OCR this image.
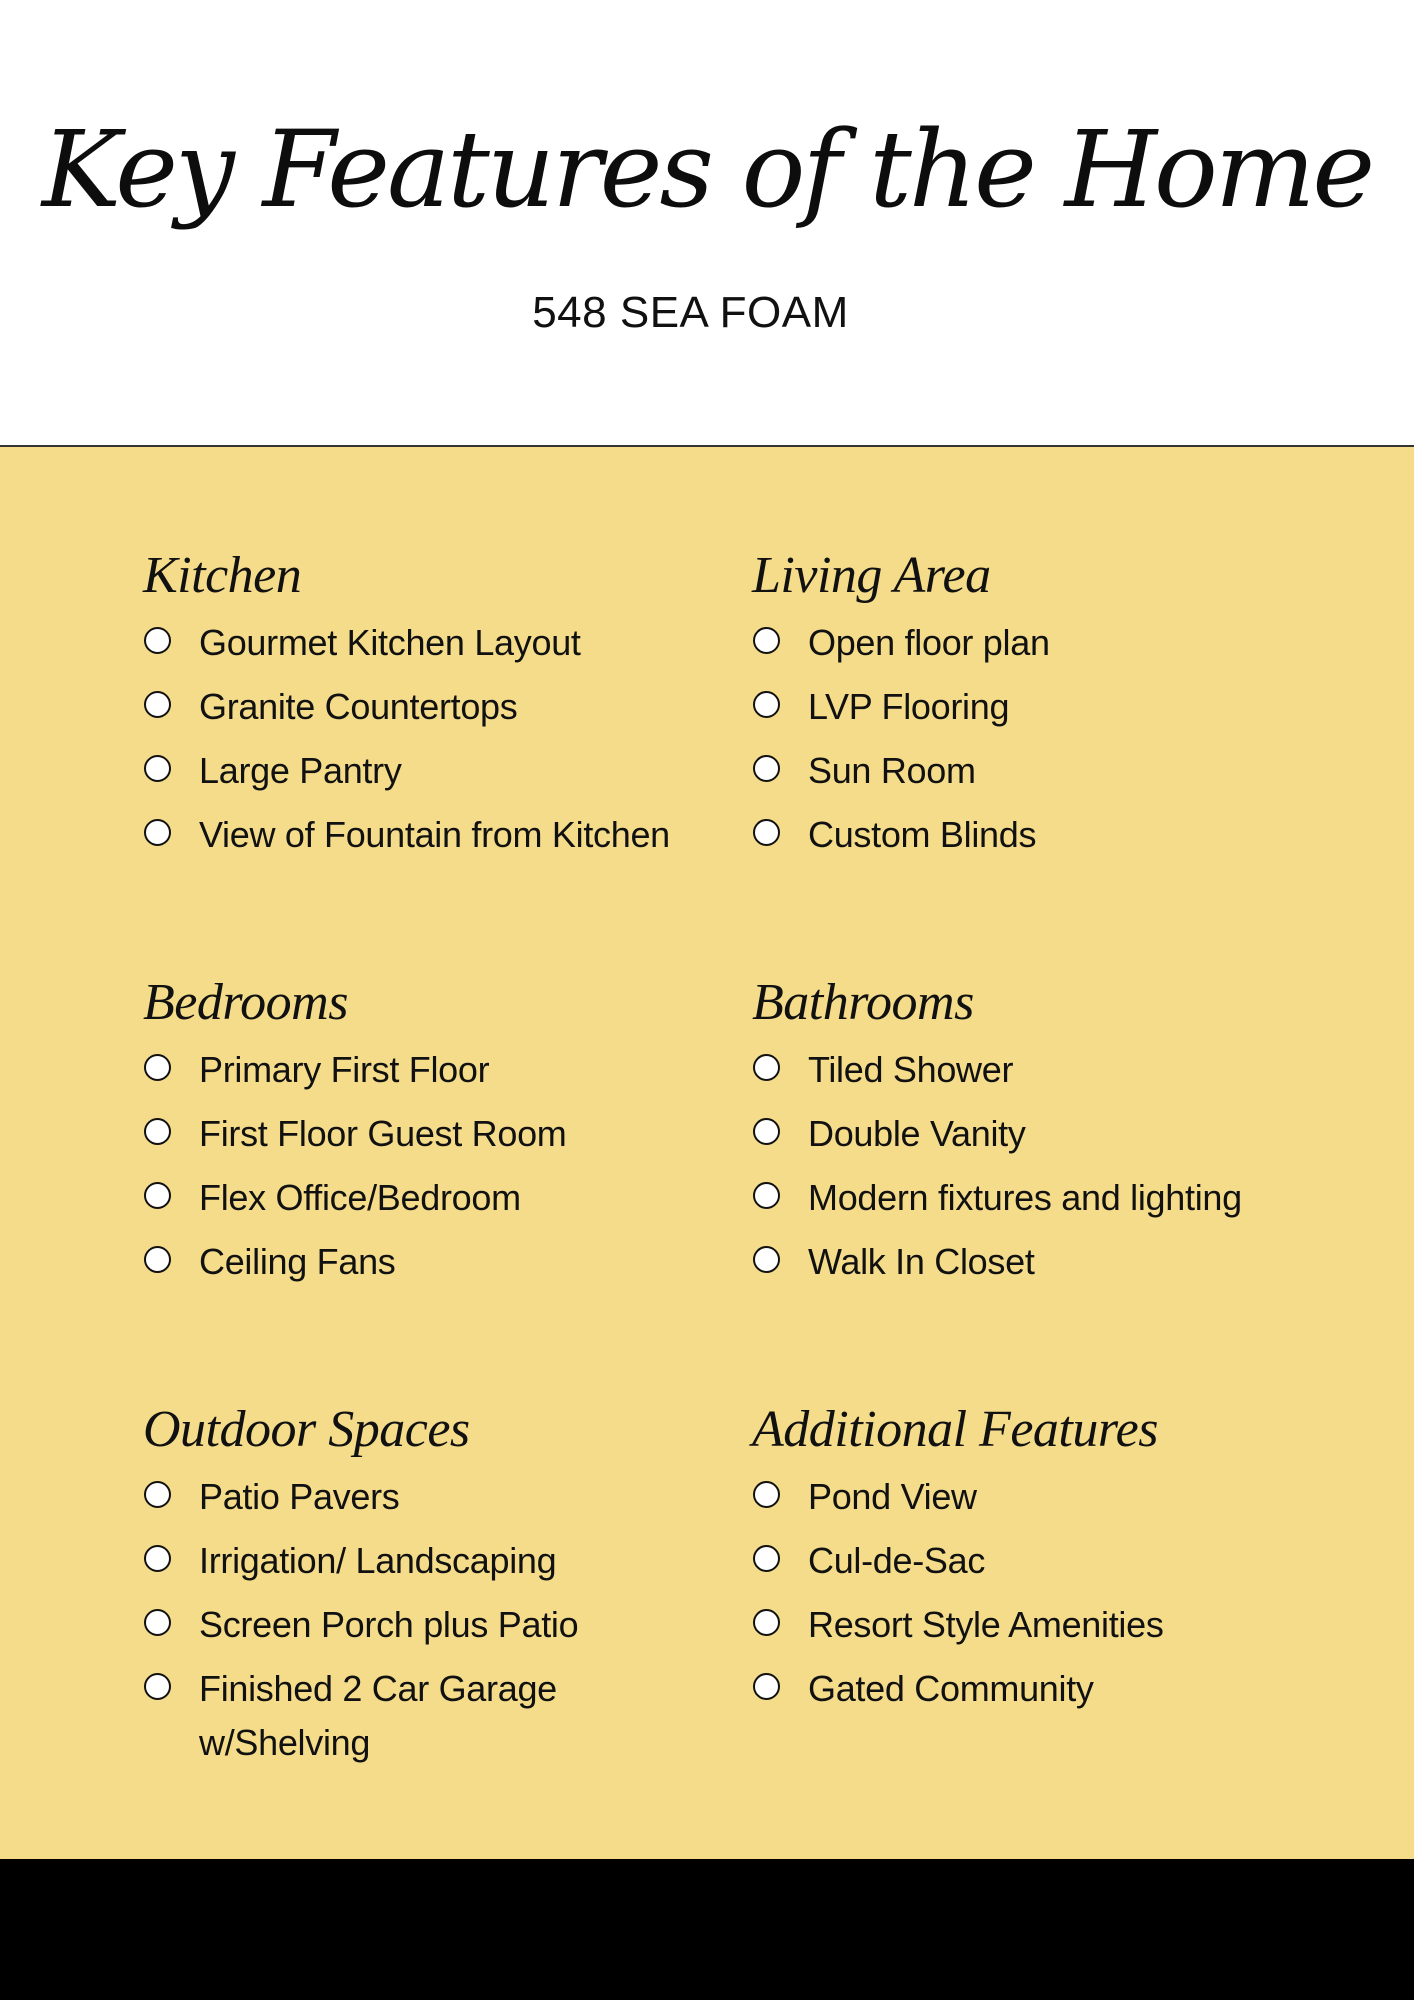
Key Features of the Home
548 SEA FOAM
Kitchen
Gourmet Kitchen Layout
Granite Countertops
Large Pantry
View of Fountain from Kitchen
Living Area
Open floor plan
LVP Flooring
Sun Room
Custom Blinds
Bedrooms
Primary First Floor
First Floor Guest Room
Flex Office/Bedroom
Ceiling Fans
Bathrooms
Tiled Shower
Double Vanity
Modern fixtures and lighting
Walk In Closet
Outdoor Spaces
Patio Pavers
Irrigation/ Landscaping
Screen Porch plus Patio
Finished 2 Car Garage w/Shelving
Additional Features
Pond View
Cul-de-Sac
Resort Style Amenities
Gated Community
